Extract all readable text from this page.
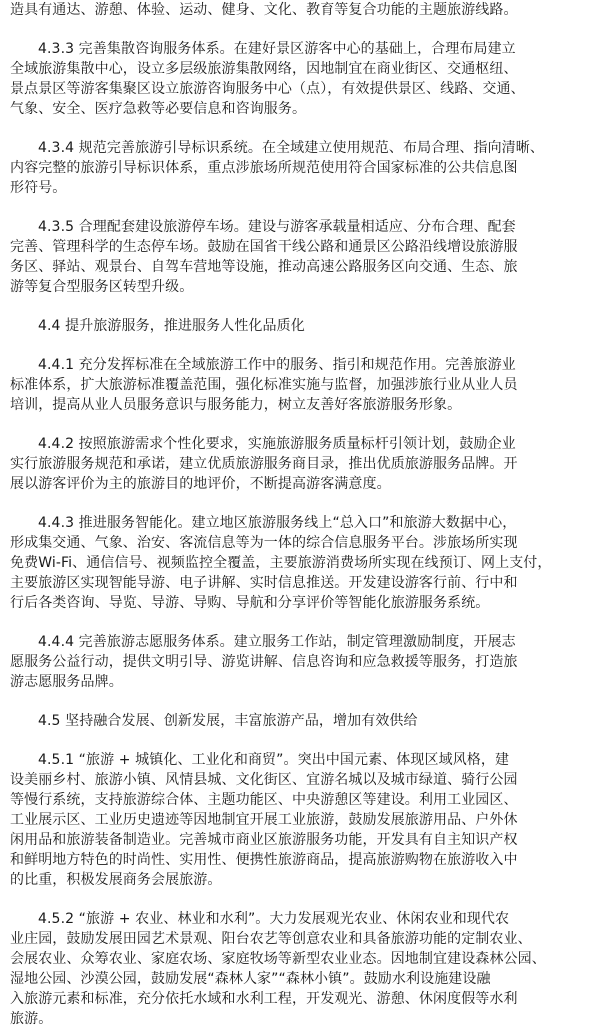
造具有通达、游憩、体验、运动、健身、文化、教育等复合功能的主题旅游线路。
4.3.3 完善集散咨询服务体系。在建好景区游客中心的基础上，合理布局建立
全域旅游集散中心，设立多层级旅游集散网络，因地制宜在商业街区、交通枢纽、
景点景区等游客集聚区设立旅游咨询服务中心（点），有效提供景区、线路、交通、
气象、安全、医疗急救等必要信息和咨询服务。
4.3.4 规范完善旅游引导标识系统。在全域建立使用规范、布局合理、指向清晰、
内容完整的旅游引导标识体系，重点涉旅场所规范使用符合国家标准的公共信息图
形符号。
4.3.5 合理配套建设旅游停车场。建设与游客承载量相适应、分布合理、配套
完善、管理科学的生态停车场。鼓励在国省干线公路和通景区公路沿线增设旅游服
务区、驿站、观景台、自驾车营地等设施，推动高速公路服务区向交通、生态、旅
游等复合型服务区转型升级。
4.4 提升旅游服务，推进服务人性化品质化
4.4.1 充分发挥标准在全域旅游工作中的服务、指引和规范作用。完善旅游业
标准体系，扩大旅游标准覆盖范围，强化标准实施与监督，加强涉旅行业从业人员
培训，提高从业人员服务意识与服务能力，树立友善好客旅游服务形象。
4.4.2 按照旅游需求个性化要求，实施旅游服务质量标杆引领计划，鼓励企业
实行旅游服务规范和承诺，建立优质旅游服务商目录，推出优质旅游服务品牌。开
展以游客评价为主的旅游目的地评价，不断提高游客满意度。
4.4.3 推进服务智能化。建立地区旅游服务线上“总入口”和旅游大数据中心，
形成集交通、气象、治安、客流信息等为一体的综合信息服务平台。涉旅场所实现
免费Wi-Fi、通信信号、视频监控全覆盖，主要旅游消费场所实现在线预订、网上支付，
主要旅游区实现智能导游、电子讲解、实时信息推送。开发建设游客行前、行中和
行后各类咨询、导览、导游、导购、导航和分享评价等智能化旅游服务系统。
4.4.4 完善旅游志愿服务体系。建立服务工作站，制定管理激励制度，开展志
愿服务公益行动，提供文明引导、游览讲解、信息咨询和应急救援等服务，打造旅
游志愿服务品牌。
4.5 坚持融合发展、创新发展，丰富旅游产品，增加有效供给
4.5.1 “旅游 + 城镇化、工业化和商贸”。突出中国元素、体现区域风格，建
设美丽乡村、旅游小镇、风情县城、文化街区、宜游名城以及城市绿道、骑行公园
等慢行系统，支持旅游综合体、主题功能区、中央游憩区等建设。利用工业园区、
工业展示区、工业历史遗迹等因地制宜开展工业旅游，鼓励发展旅游用品、户外休
闲用品和旅游装备制造业。完善城市商业区旅游服务功能，开发具有自主知识产权
和鲜明地方特色的时尚性、实用性、便携性旅游商品，提高旅游购物在旅游收入中
的比重，积极发展商务会展旅游。
4.5.2 “旅游 + 农业、林业和水利”。大力发展观光农业、休闲农业和现代农
业庄园，鼓励发展田园艺术景观、阳台农艺等创意农业和具备旅游功能的定制农业、
会展农业、众筹农业、家庭农场、家庭牧场等新型农业业态。因地制宜建设森林公园、
湿地公园、沙漠公园，鼓励发展“森林人家”“森林小镇”。鼓励水利设施建设融
入旅游元素和标准，充分依托水域和水利工程，开发观光、游憩、休闲度假等水利
旅游。
